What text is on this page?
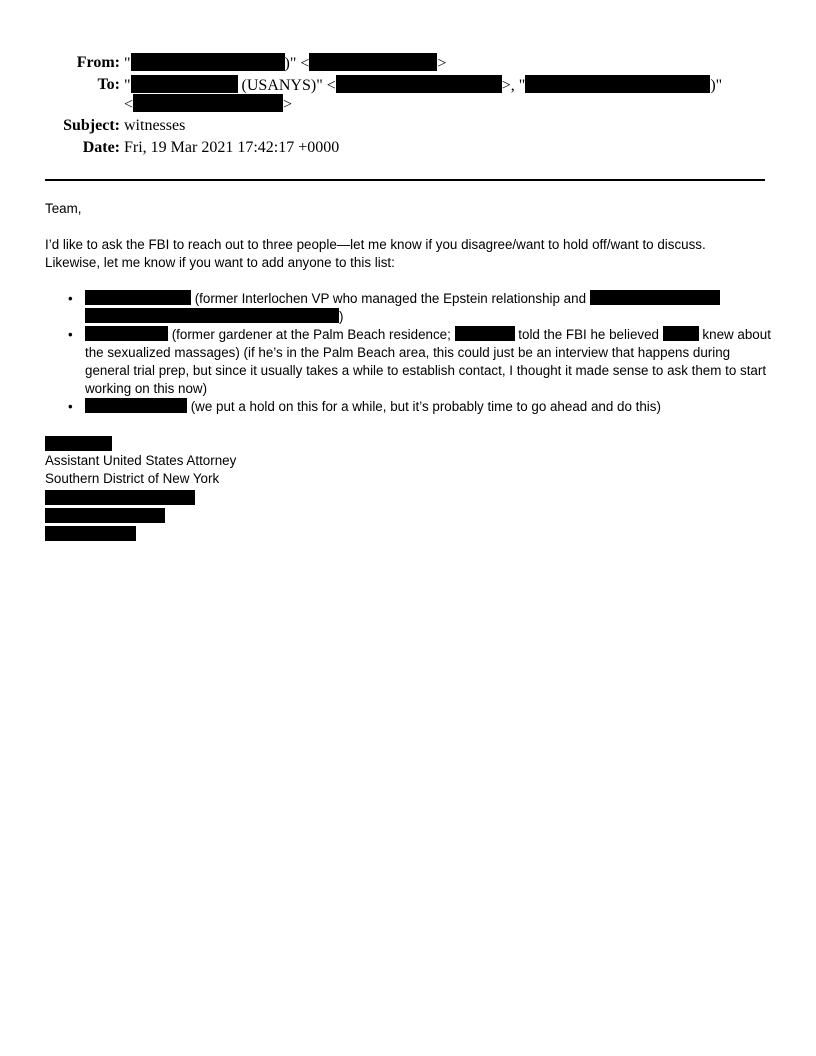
From: "	)" <	>
To: "	(USANYS)" <	>, "	)"
<	>
Subject: witnesses
Date: Fri, 19 Mar 2021 17:42:17 +0000

Team,

I’d like to ask the FBI to reach out to three people—let me know if you disagree/want to hold off/want to discuss.

Likewise, let me know if you want to add anyone to this list:

•	(former Interlochen VP who managed the Epstein relationship and
)
•	(former gardener at the Palm Beach residence;	told the FBI he believed	knew about
the sexualized massages) (if he’s in the Palm Beach area, this could just be an interview that happens during
general trial prep, but since it usually takes a while to establish contact, I thought it made sense to ask them to start
working on this now)
•	(we put a hold on this for a while, but it’s probably time to go ahead and do this)
Assistant United States Attorney
Southern District of New York
